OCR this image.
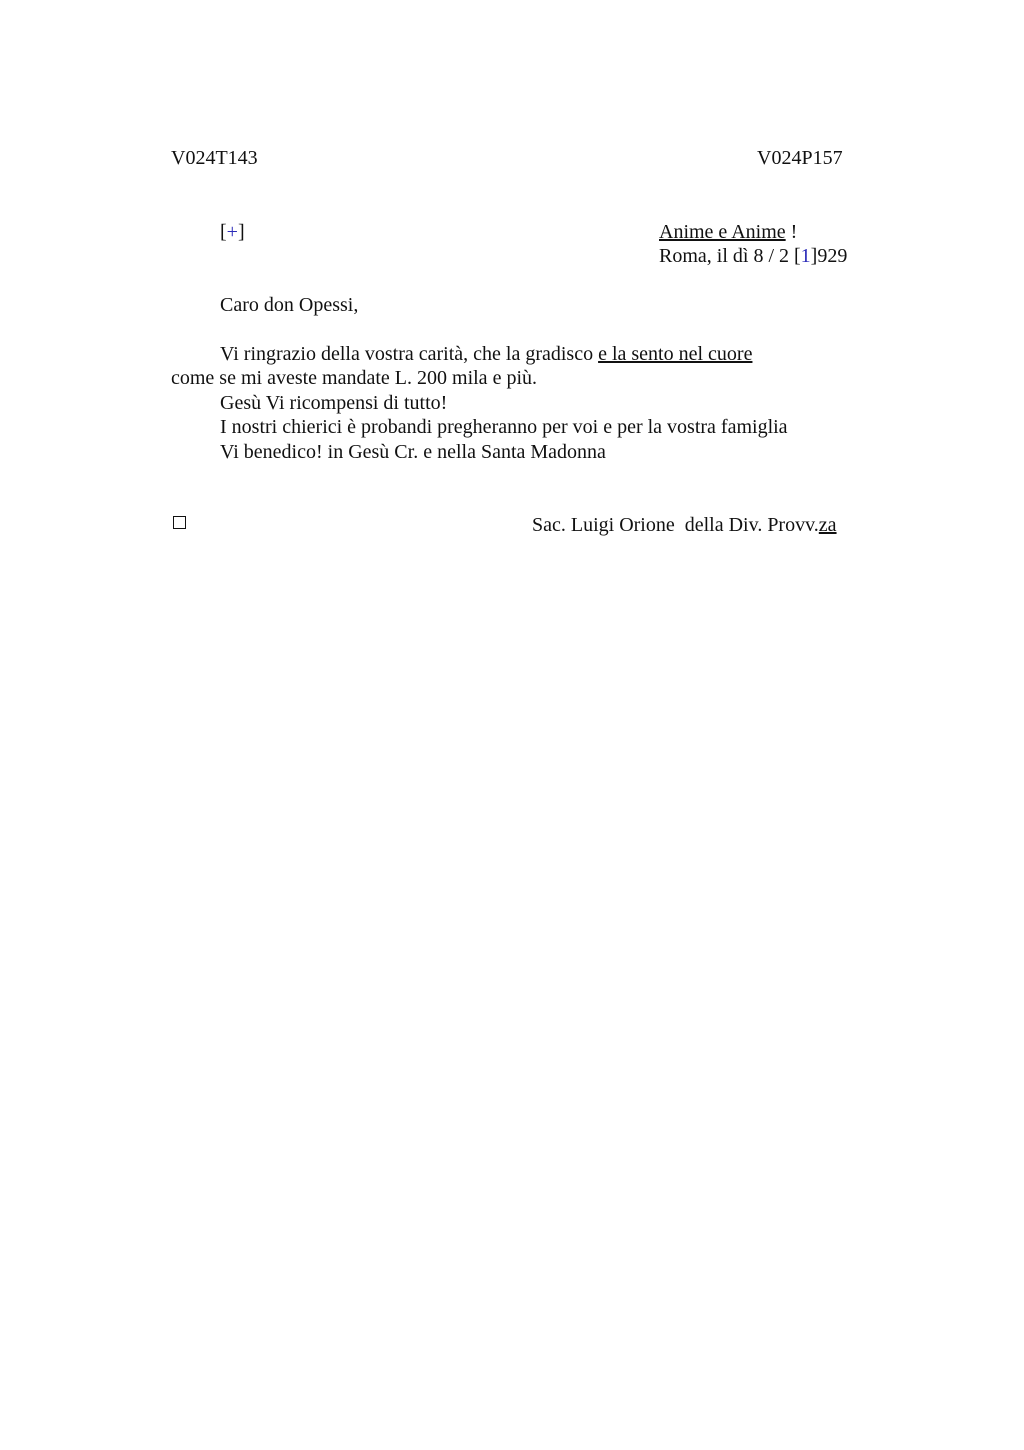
V024T143	V024P157
[+]	Anime e Anime !
Roma, il dì 8 / 2 [1]929
Caro don Opessi,
Vi ringrazio della vostra carità, che la gradisco e la sento nel cuore
come se mi aveste mandate L. 200 mila e più.
Gesù Vi ricompensi di tutto!
I nostri chierici è probandi pregheranno per voi e per la vostra famiglia
Vi benedico! in Gesù Cr. e nella Santa Madonna

Sac. Luigi Orione  della Div. Provv.za
